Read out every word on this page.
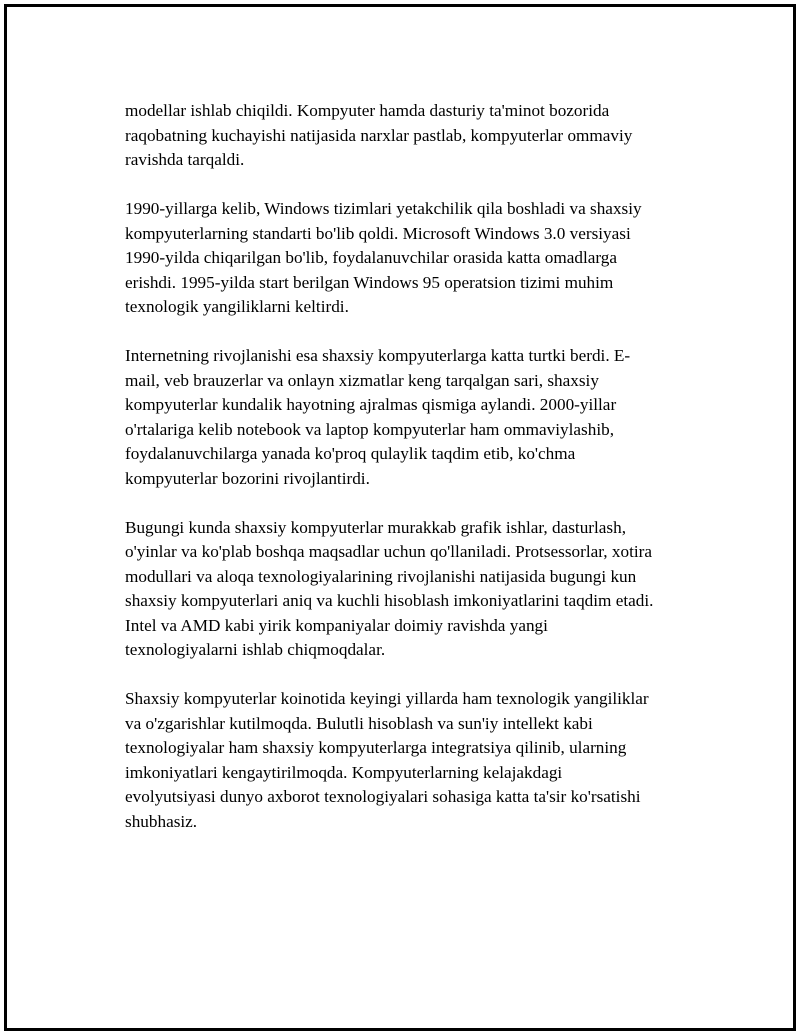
modellar ishlab chiqildi. Kompyuter hamda dasturiy ta'minot bozorida
raqobatning kuchayishi natijasida narxlar pastlab, kompyuterlar ommaviy
ravishda tarqaldi.

1990-yillarga kelib, Windows tizimlari yetakchilik qila boshladi va shaxsiy
kompyuterlarning standarti bo'lib qoldi. Microsoft Windows 3.0 versiyasi
1990-yilda chiqarilgan bo'lib, foydalanuvchilar orasida katta omadlarga
erishdi. 1995-yilda start berilgan Windows 95 operatsion tizimi muhim
texnologik yangiliklarni keltirdi.

Internetning rivojlanishi esa shaxsiy kompyuterlarga katta turtki berdi. E-
mail, veb brauzerlar va onlayn xizmatlar keng tarqalgan sari, shaxsiy
kompyuterlar kundalik hayotning ajralmas qismiga aylandi. 2000-yillar
o'rtalariga kelib notebook va laptop kompyuterlar ham ommaviylashib,
foydalanuvchilarga yanada ko'proq qulaylik taqdim etib, ko'chma
kompyuterlar bozorini rivojlantirdi.

Bugungi kunda shaxsiy kompyuterlar murakkab grafik ishlar, dasturlash,
o'yinlar va ko'plab boshqa maqsadlar uchun qo'llaniladi. Protsessorlar, xotira
modullari va aloqa texnologiyalarining rivojlanishi natijasida bugungi kun
shaxsiy kompyuterlari aniq va kuchli hisoblash imkoniyatlarini taqdim etadi.
Intel va AMD kabi yirik kompaniyalar doimiy ravishda yangi
texnologiyalarni ishlab chiqmoqdalar.

Shaxsiy kompyuterlar koinotida keyingi yillarda ham texnologik yangiliklar
va o'zgarishlar kutilmoqda. Bulutli hisoblash va sun'iy intellekt kabi
texnologiyalar ham shaxsiy kompyuterlarga integratsiya qilinib, ularning
imkoniyatlari kengaytirilmoqda. Kompyuterlarning kelajakdagi
evolyutsiyasi dunyo axborot texnologiyalari sohasiga katta ta'sir ko'rsatishi
shubhasiz.
